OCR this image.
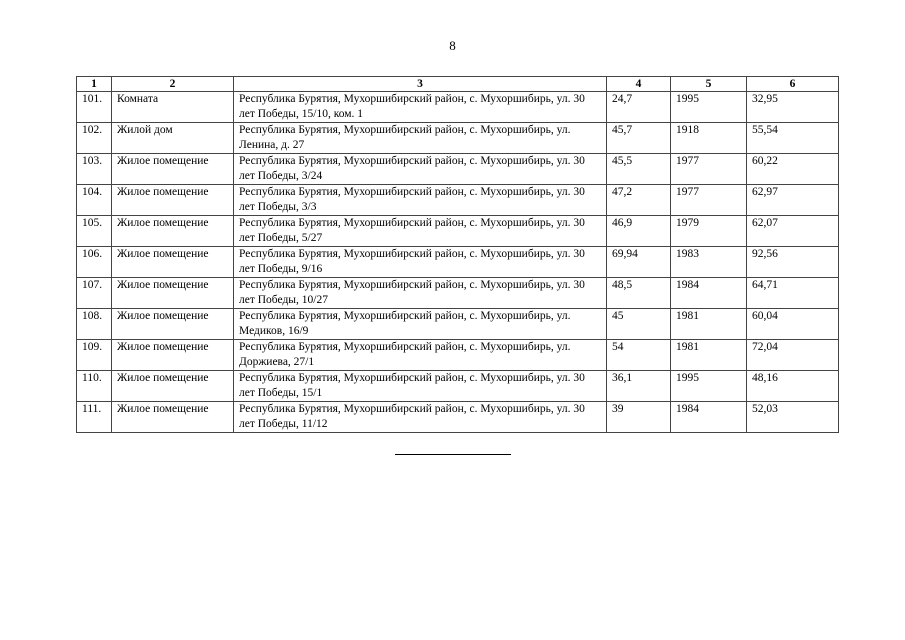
8
1	2	3	4	5	6
101.	Комната	Республика Бурятия, Мухоршибирский район, с. Мухоршибирь, ул. 30 лет Победы, 15/10, ком. 1	24,7	1995	32,95
102.	Жилой дом	Республика Бурятия, Мухоршибирский район, с. Мухоршибирь, ул. Ленина, д. 27	45,7	1918	55,54
103.	Жилое помещение	Республика Бурятия, Мухоршибирский район, с. Мухоршибирь, ул. 30 лет Победы, 3/24	45,5	1977	60,22
104.	Жилое помещение	Республика Бурятия, Мухоршибирский район, с. Мухоршибирь, ул. 30 лет Победы, 3/3	47,2	1977	62,97
105.	Жилое помещение	Республика Бурятия, Мухоршибирский район, с. Мухоршибирь, ул. 30 лет Победы, 5/27	46,9	1979	62,07
106.	Жилое помещение	Республика Бурятия, Мухоршибирский район, с. Мухоршибирь, ул. 30 лет Победы, 9/16	69,94	1983	92,56
107.	Жилое помещение	Республика Бурятия, Мухоршибирский район, с. Мухоршибирь, ул. 30 лет Победы, 10/27	48,5	1984	64,71
108.	Жилое помещение	Республика Бурятия, Мухоршибирский район, с. Мухоршибирь, ул. Медиков, 16/9	45	1981	60,04
109.	Жилое помещение	Республика Бурятия, Мухоршибирский район, с. Мухоршибирь, ул. Доржиева, 27/1	54	1981	72,04
110.	Жилое помещение	Республика Бурятия, Мухоршибирский район, с. Мухоршибирь, ул. 30 лет Победы, 15/1	36,1	1995	48,16
111.	Жилое помещение	Республика Бурятия, Мухоршибирский район, с. Мухоршибирь, ул. 30 лет Победы, 11/12	39	1984	52,03
